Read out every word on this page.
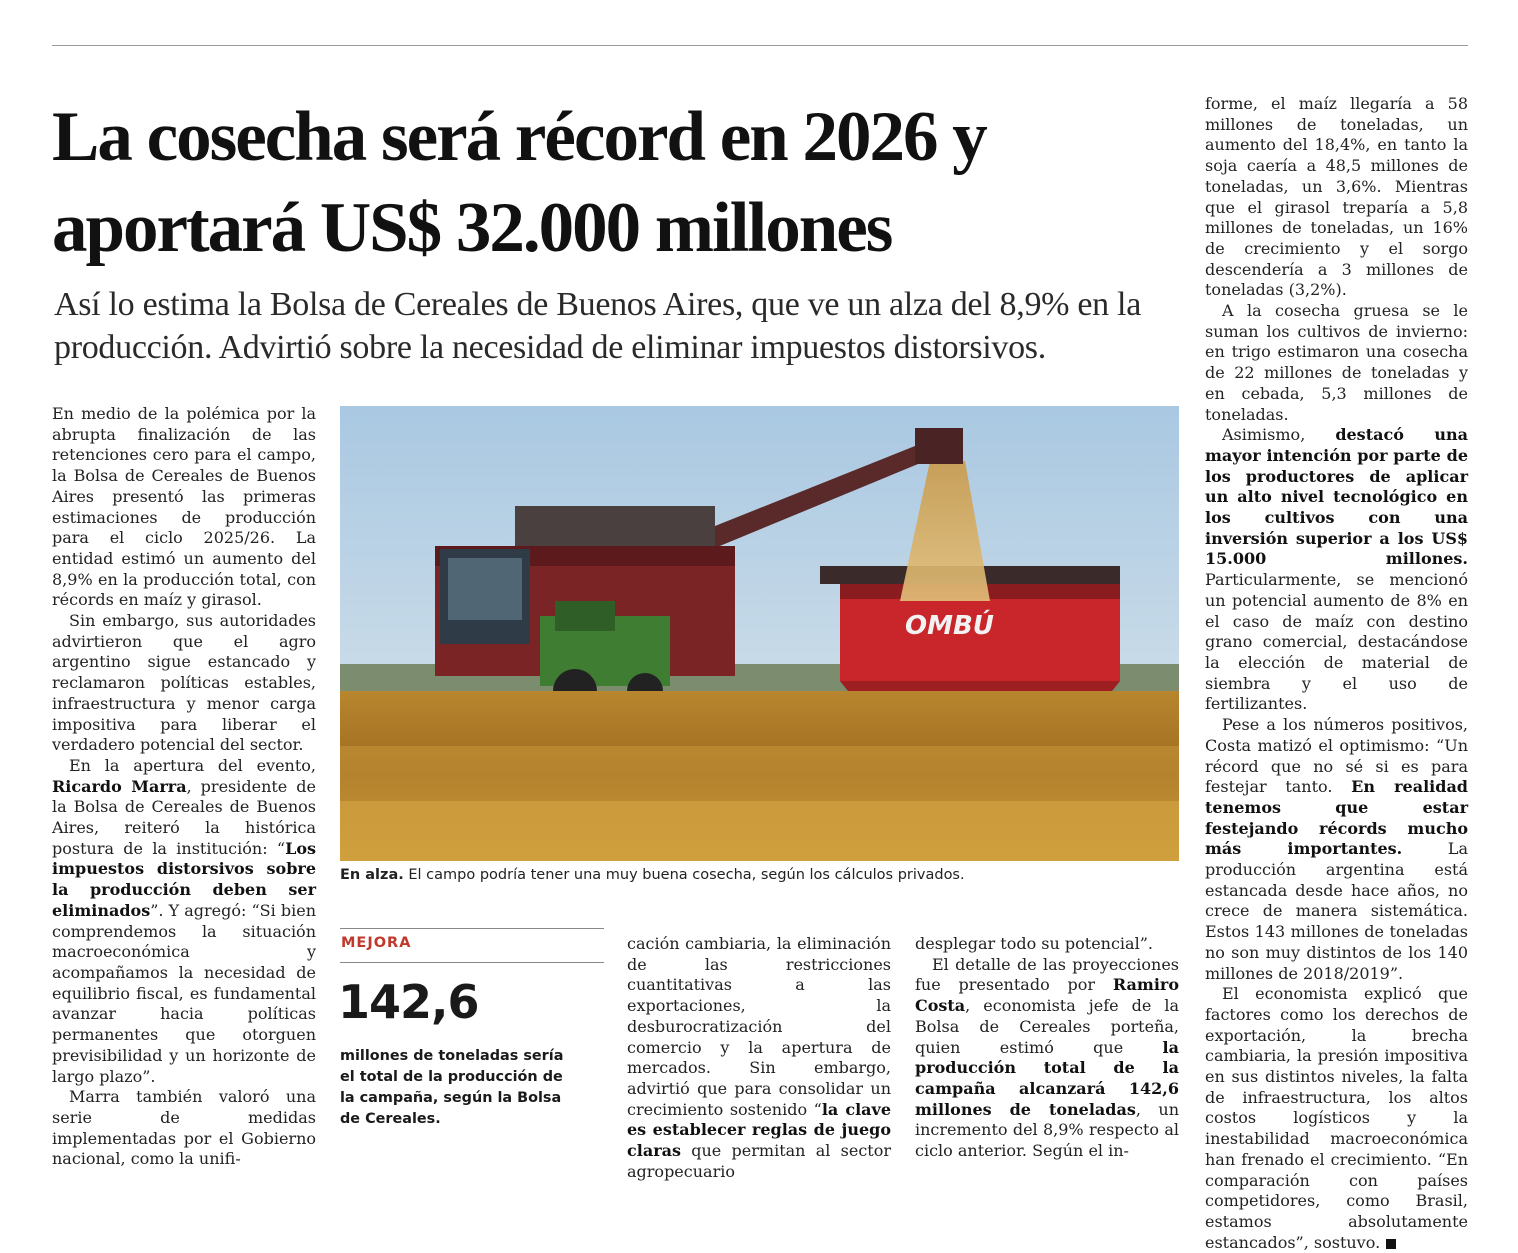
La cosecha será récord en 2026 y aportará US$ 32.000 millones

Así lo estima la Bolsa de Cereales de Buenos Aires, que ve un alza del 8,9% en la producción. Advirtió sobre la necesidad de eliminar impuestos distorsivos.

En medio de la polémica por la abrupta finalización de las retenciones cero para el campo, la Bolsa de Cereales de Buenos Aires presentó las primeras estimaciones de producción para el ciclo 2025/26. La entidad estimó un aumento del 8,9% en la producción total, con récords en maíz y girasol.

Sin embargo, sus autoridades advirtieron que el agro argentino sigue estancado y reclamaron políticas estables, infraestructura y menor carga impositiva para liberar el verdadero potencial del sector.

En la apertura del evento, Ricardo Marra, presidente de la Bolsa de Cereales de Buenos Aires, reiteró la histórica postura de la institución: “Los impuestos distorsivos sobre la producción deben ser eliminados”. Y agregó: “Si bien comprendemos la situación macroeconómica y acompañamos la necesidad de equilibrio fiscal, es fundamental avanzar hacia políticas permanentes que otorguen previsibilidad y un horizonte de largo plazo”.

Marra también valoró una serie de medidas implementadas por el Gobierno nacional, como la unifi-

OMBÚ
En alza. El campo podría tener una muy buena cosecha, según los cálculos privados.
MEJORA
142,6
millones de toneladas sería el total de la producción de la campaña, según la Bolsa de Cereales.

cación cambiaria, la eliminación de las restricciones cuantitativas a las exportaciones, la desburocratización del comercio y la apertura de mercados. Sin embargo, advirtió que para consolidar un crecimiento sostenido “la clave es establecer reglas de juego claras que permitan al sector agropecuario

desplegar todo su potencial”.

El detalle de las proyecciones fue presentado por Ramiro Costa, economista jefe de la Bolsa de Cereales porteña, quien estimó que la producción total de la campaña alcanzará 142,6 millones de toneladas, un incremento del 8,9% respecto al ciclo anterior. Según el in-

forme, el maíz llegaría a 58 millones de toneladas, un aumento del 18,4%, en tanto la soja caería a 48,5 millones de toneladas, un 3,6%. Mientras que el girasol treparía a 5,8 millones de toneladas, un 16% de crecimiento y el sorgo descendería a 3 millones de toneladas (3,2%).

A la cosecha gruesa se le suman los cultivos de invierno: en trigo estimaron una cosecha de 22 millones de toneladas y en cebada, 5,3 millones de toneladas.

Asimismo, destacó una mayor intención por parte de los productores de aplicar un alto nivel tecnológico en los cultivos con una inversión superior a los US$ 15.000 millones. Particularmente, se mencionó un potencial aumento de 8% en el caso de maíz con destino grano comercial, destacándose la elección de material de siembra y el uso de fertilizantes.

Pese a los números positivos, Costa matizó el optimismo: “Un récord que no sé si es para festejar tanto. En realidad tenemos que estar festejando récords mucho más importantes. La producción argentina está estancada desde hace años, no crece de manera sistemática. Estos 143 millones de toneladas no son muy distintos de los 140 millones de 2018/2019”.

El economista explicó que factores como los derechos de exportación, la brecha cambiaria, la presión impositiva en sus distintos niveles, la falta de infraestructura, los altos costos logísticos y la inestabilidad macroeconómica han frenado el crecimiento. “En comparación con países competidores, como Brasil, estamos absolutamente estancados”, sostuvo.
